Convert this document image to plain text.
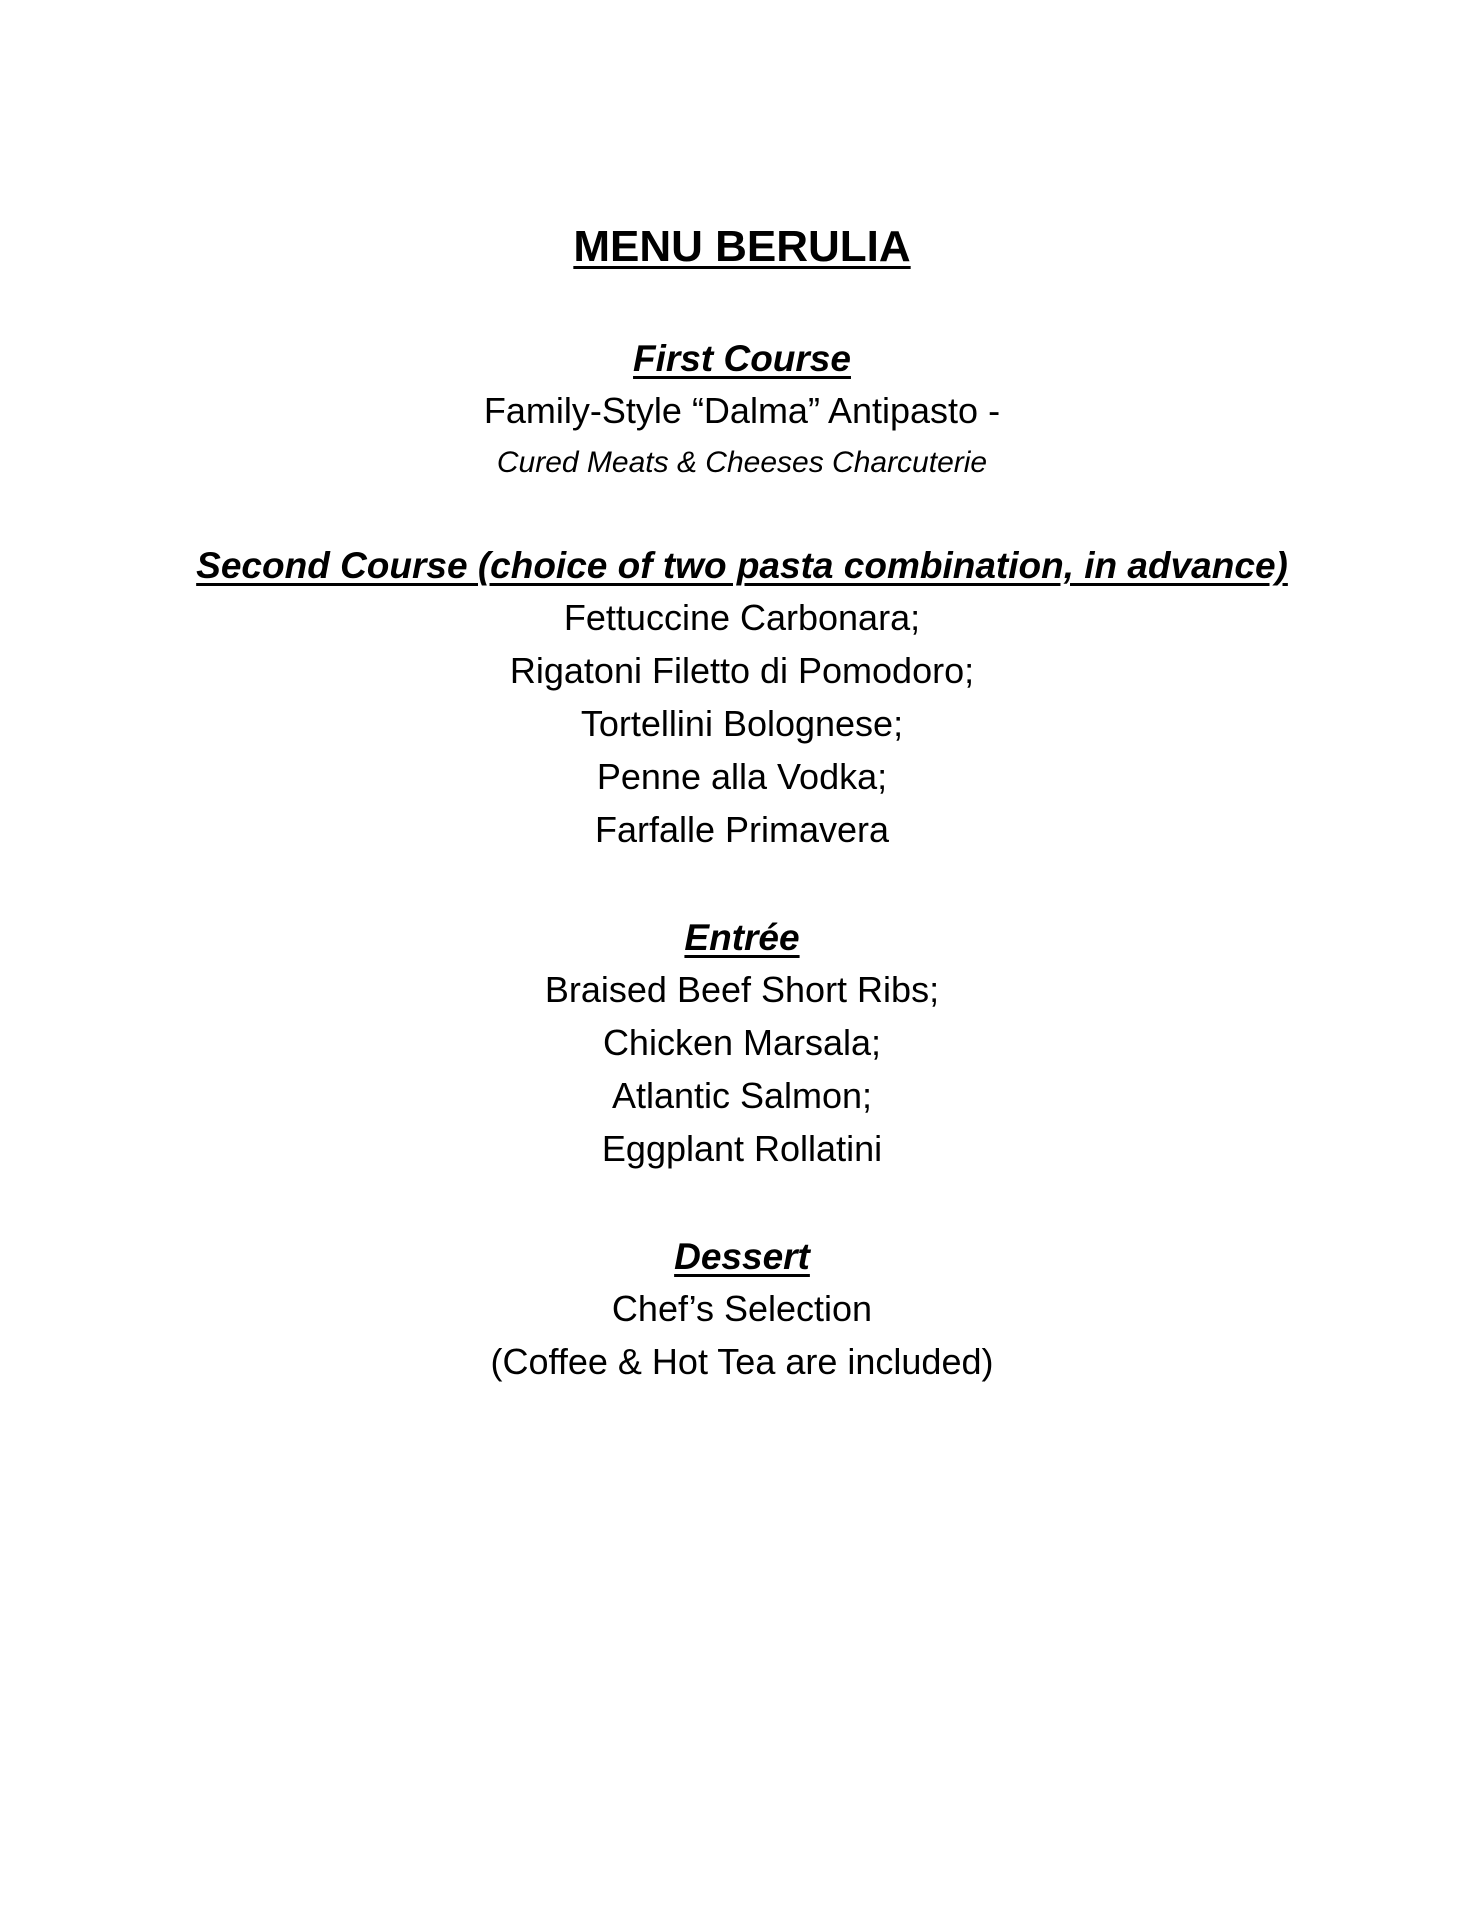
MENU BERULIA
First Course
Family-Style “Dalma” Antipasto -
Cured Meats & Cheeses Charcuterie
Second Course (choice of two pasta combination, in advance)
Fettuccine Carbonara;
Rigatoni Filetto di Pomodoro;
Tortellini Bolognese;
Penne alla Vodka;
Farfalle Primavera
Entrée
Braised Beef Short Ribs;
Chicken Marsala;
Atlantic Salmon;
Eggplant Rollatini
Dessert
Chef’s Selection
(Coffee & Hot Tea are included)
